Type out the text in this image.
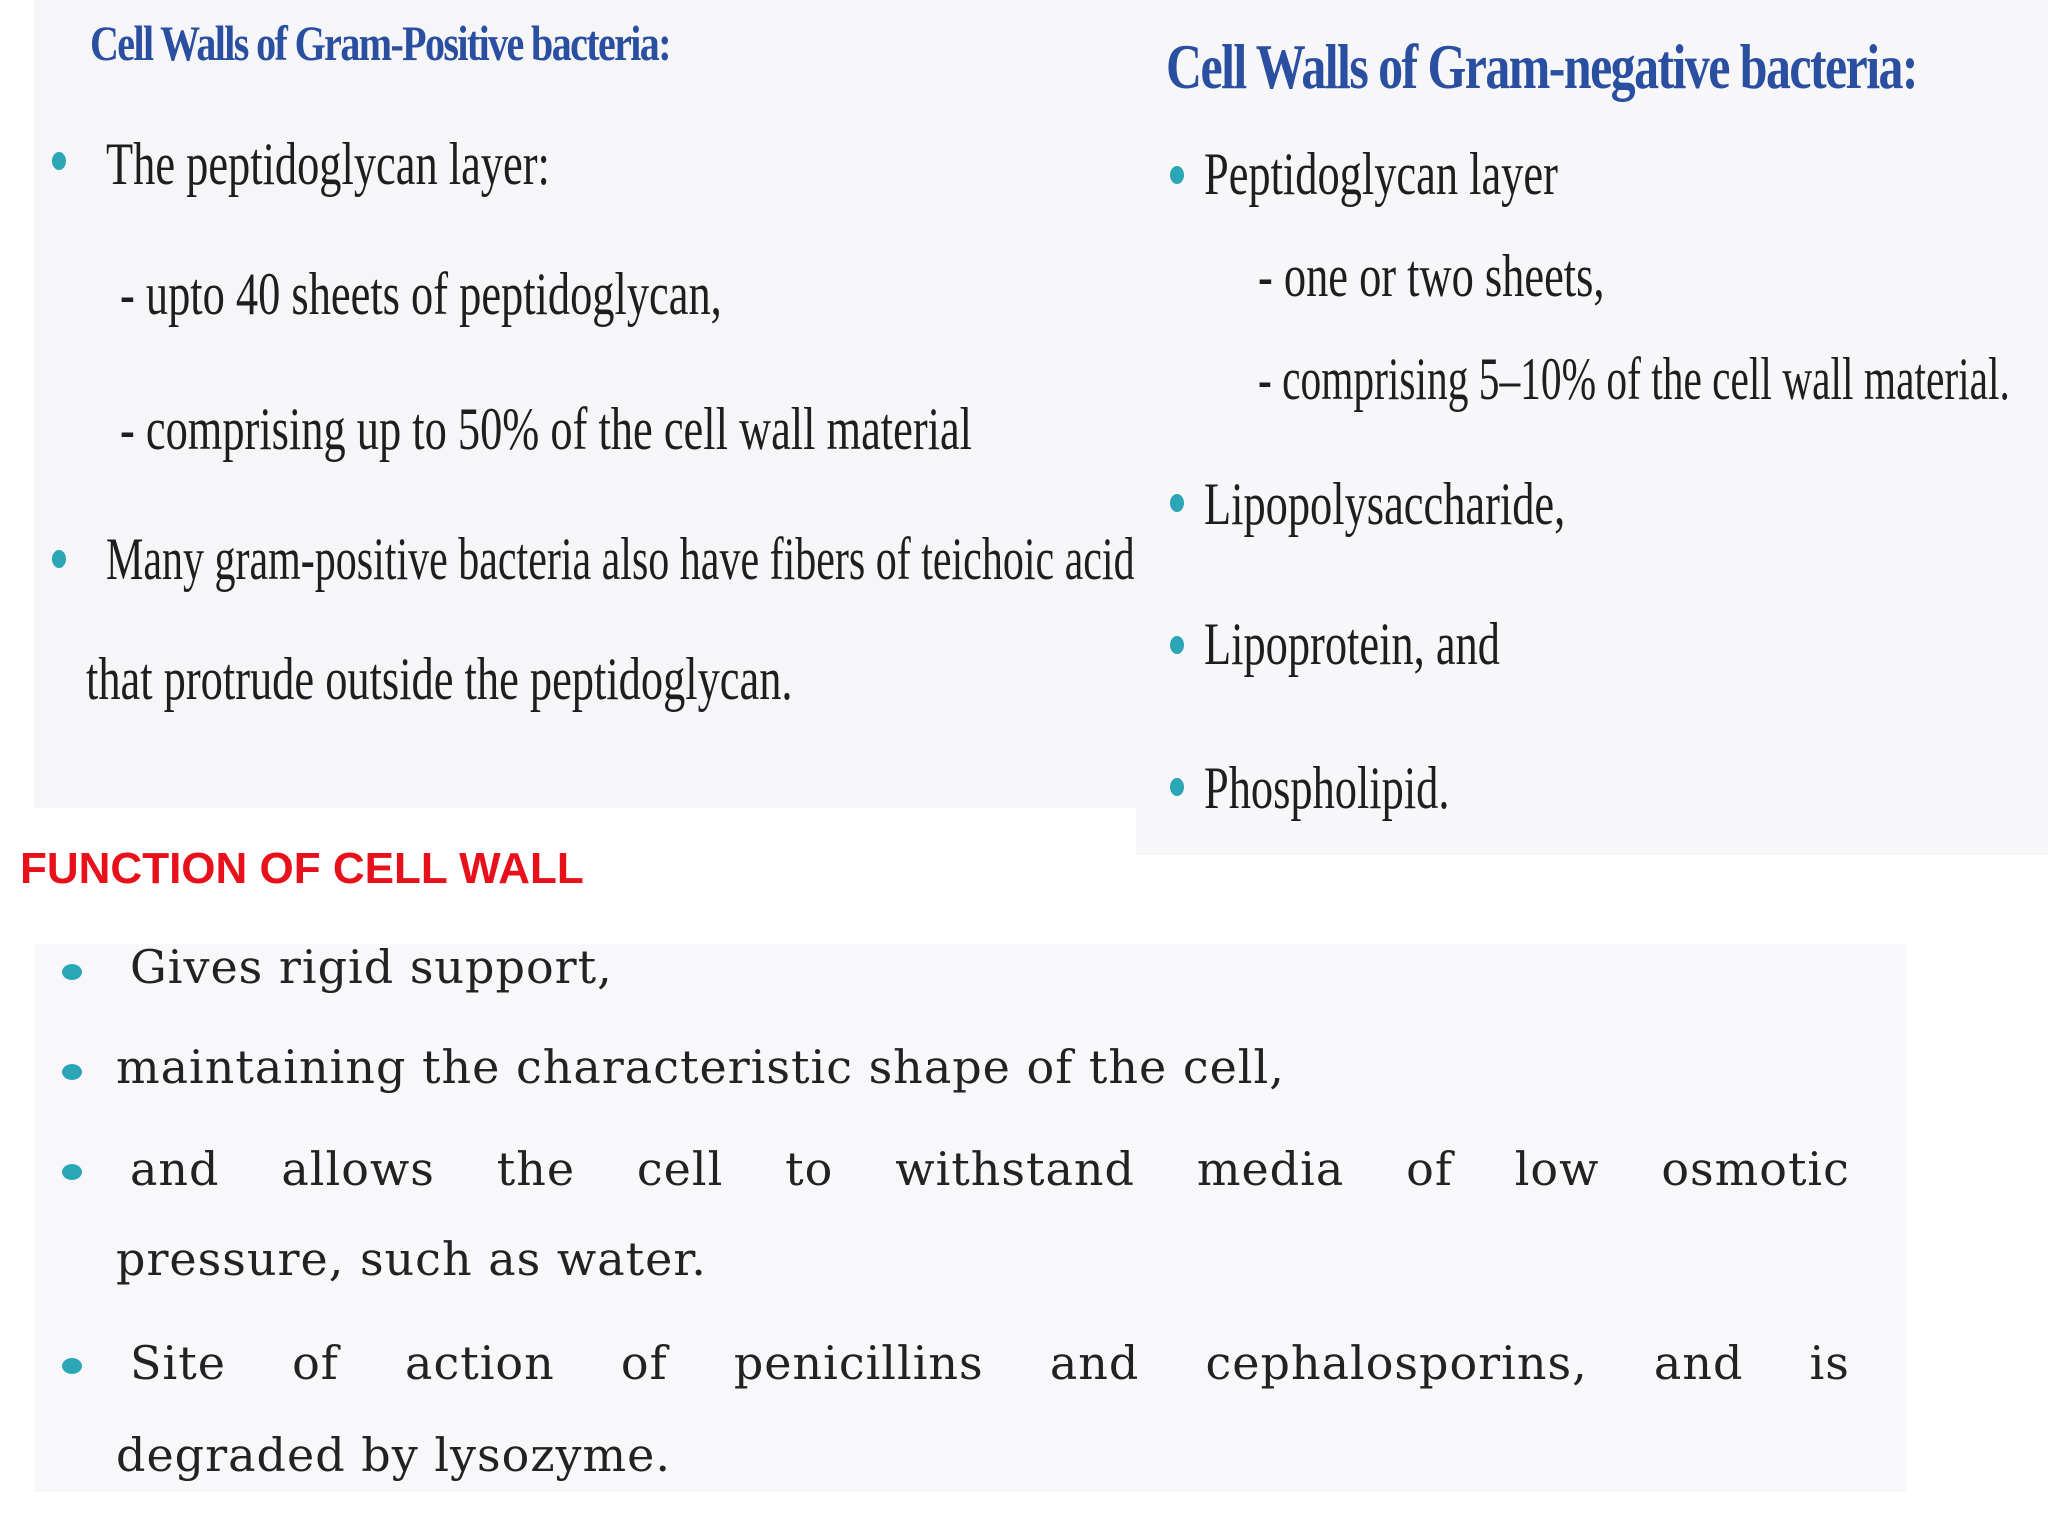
Cell Walls of Gram-Positive bacteria:
The peptidoglycan layer:
- upto 40 sheets of peptidoglycan,
- comprising up to 50% of the cell wall material
Many gram-positive bacteria also have fibers of teichoic acid
that protrude outside the peptidoglycan.
Cell Walls of Gram-negative bacteria:
Peptidoglycan layer
- one or two sheets,
- comprising 5–10% of the cell wall material.
Lipopolysaccharide,
Lipoprotein, and
Phospholipid.
FUNCTION OF CELL WALL
Gives rigid support,
maintaining the characteristic shape of the cell,
and allows the cell to withstand media of low osmotic
pressure, such as water.
Site of action of penicillins and cephalosporins, and is
degraded by lysozyme.
